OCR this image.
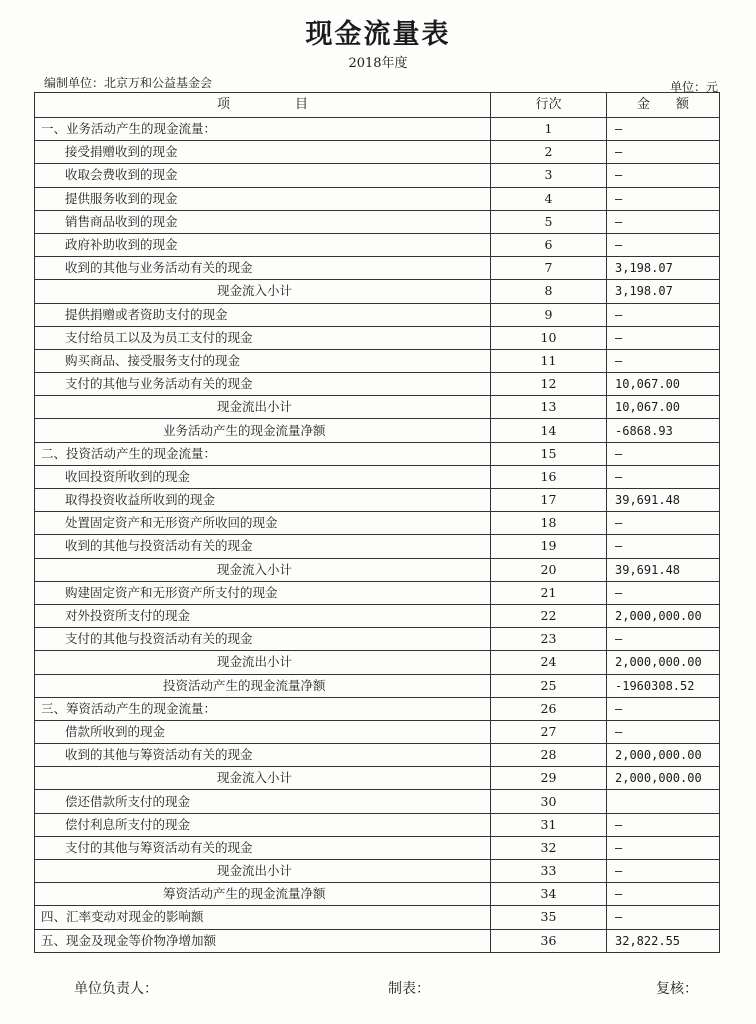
现金流量表
2018年度
编制单位：北京万和公益基金会	单位：元
项　　　　　目	行次	金　　额
一、业务活动产生的现金流量：	1	–
接受捐赠收到的现金	2	–
收取会费收到的现金	3	–
提供服务收到的现金	4	–
销售商品收到的现金	5	–
政府补助收到的现金	6	–
收到的其他与业务活动有关的现金	7	3,198.07
现金流入小计	8	3,198.07
提供捐赠或者资助支付的现金	9	–
支付给员工以及为员工支付的现金	10	–
购买商品、接受服务支付的现金	11	–
支付的其他与业务活动有关的现金	12	10,067.00
现金流出小计	13	10,067.00
业务活动产生的现金流量净额	14	-6868.93
二、投资活动产生的现金流量：	15	–
收回投资所收到的现金	16	–
取得投资收益所收到的现金	17	39,691.48
处置固定资产和无形资产所收回的现金	18	–
收到的其他与投资活动有关的现金	19	–
现金流入小计	20	39,691.48
购建固定资产和无形资产所支付的现金	21	–
对外投资所支付的现金	22	2,000,000.00
支付的其他与投资活动有关的现金	23	–
现金流出小计	24	2,000,000.00
投资活动产生的现金流量净额	25	-1960308.52
三、筹资活动产生的现金流量：	26	–
借款所收到的现金	27	–
收到的其他与筹资活动有关的现金	28	2,000,000.00
现金流入小计	29	2,000,000.00
偿还借款所支付的现金	30	
偿付利息所支付的现金	31	–
支付的其他与筹资活动有关的现金	32	–
现金流出小计	33	–
筹资活动产生的现金流量净额	34	–
四、汇率变动对现金的影响额	35	–
五、现金及现金等价物净增加额	36	32,822.55
单位负责人：	制表：	复核：
